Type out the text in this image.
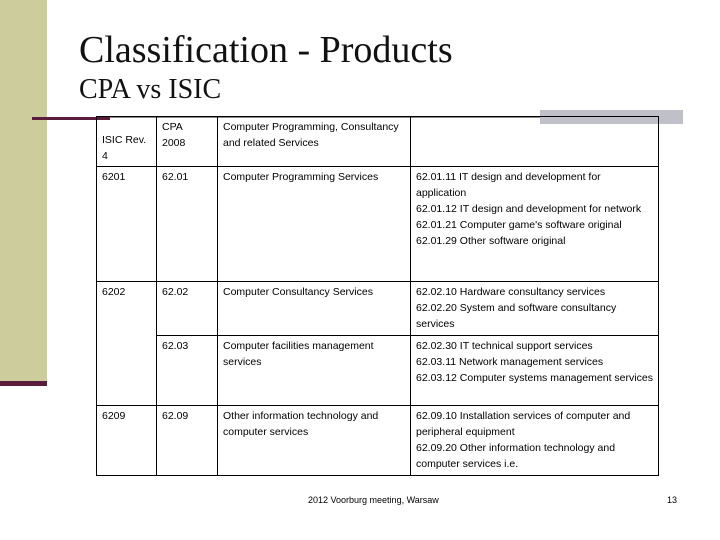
Classification - Products
CPA vs ISIC
ISIC Rev. 4	CPA 2008	Computer Programming, Consultancy and related Services	
6201	62.01	Computer Programming Services	62.01.11 IT design and development for application
62.01.12 IT design and development for network
62.01.21 Computer game's software original
62.01.29 Other software original

6202	62.02	Computer Consultancy Services	62.02.10 Hardware consultancy services
62.02.20 System and software consultancy services

	62.03	Computer facilities management services	62.02.30 IT technical support services
62.03.11 Network management services
62.03.12 Computer systems management services

6209	62.09	Other information technology and computer services	62.09.10 Installation services of computer and peripheral equipment
62.09.20 Other information technology and computer services i.e.
2012 Voorburg meeting, Warsaw	13
